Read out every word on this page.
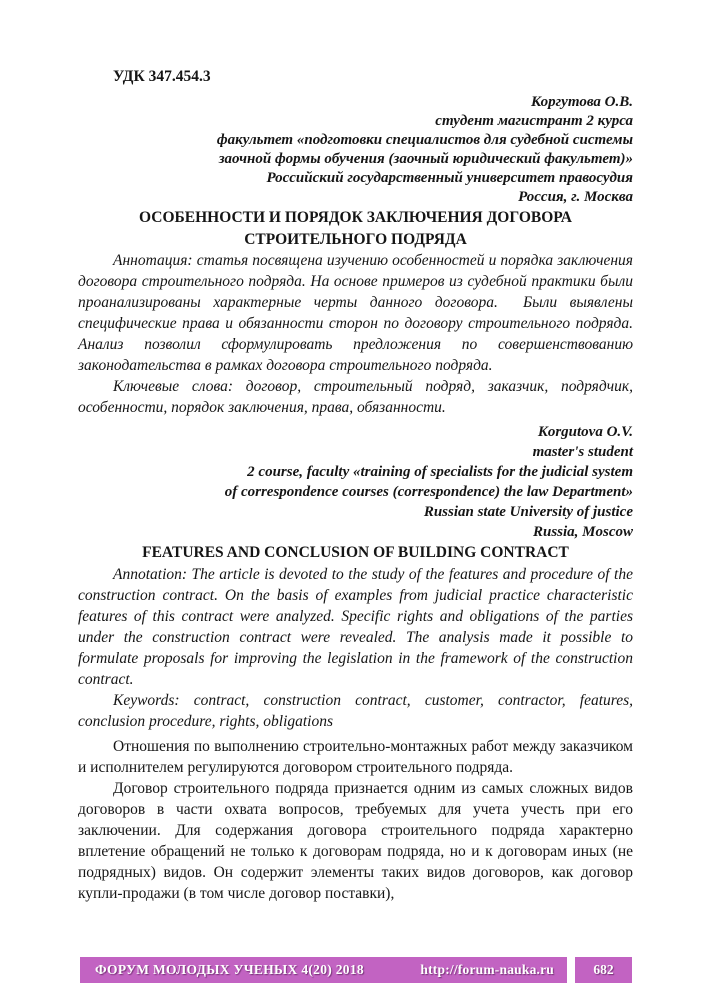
УДК 347.454.3

Коргутова О.В.
студент магистрант 2 курса
факультет «подготовки специалистов для судебной системы
заочной формы обучения (заочный юридический факультет)»
Российский государственный университет правосудия
Россия, г. Москва
ОСОБЕННОСТИ И ПОРЯДОК ЗАКЛЮЧЕНИЯ ДОГОВОРА СТРОИТЕЛЬНОГО ПОДРЯДА

Аннотация: статья посвящена изучению особенностей и порядка заключения договора строительного подряда. На основе примеров из судебной практики были проанализированы характерные черты данного договора.  Были выявлены специфические права и обязанности сторон по договору строительного подряда. Анализ позволил сформулировать предложения по совершенствованию законодательства в рамках договора строительного подряда.

Ключевые слова: договор, строительный подряд, заказчик, подрядчик, особенности, порядок заключения, права, обязанности.

Korgutova O.V.
master's student
2 course, faculty «training of specialists for the judicial system
of correspondence courses (correspondence) the law Department»
Russian state University of justice
Russia, Moscow
FEATURES AND CONCLUSION OF BUILDING CONTRACT

Annotation: The article is devoted to the study of the features and procedure of the construction contract. On the basis of examples from judicial practice characteristic features of this contract were analyzed. Specific rights and obligations of the parties under the construction contract were revealed. The analysis made it possible to formulate proposals for improving the legislation in the framework of the construction contract.

Keywords: contract, construction contract, customer, contractor, features, conclusion procedure, rights, obligations

Отношения по выполнению строительно-монтажных работ между заказчиком и исполнителем регулируются договором строительного подряда.

Договор строительного подряда признается одним из самых сложных видов договоров в части охвата вопросов, требуемых для учета учесть при его заключении. Для содержания договора строительного подряда характерно вплетение обращений не только к договорам подряда, но и к договорам иных (не подрядных) видов. Он содержит элементы таких видов договоров, как договор купли-продажи (в том числе договор поставки),

ФОРУМ МОЛОДЫХ УЧЕНЫХ 4(20) 2018	http://forum-nauka.ru	682
